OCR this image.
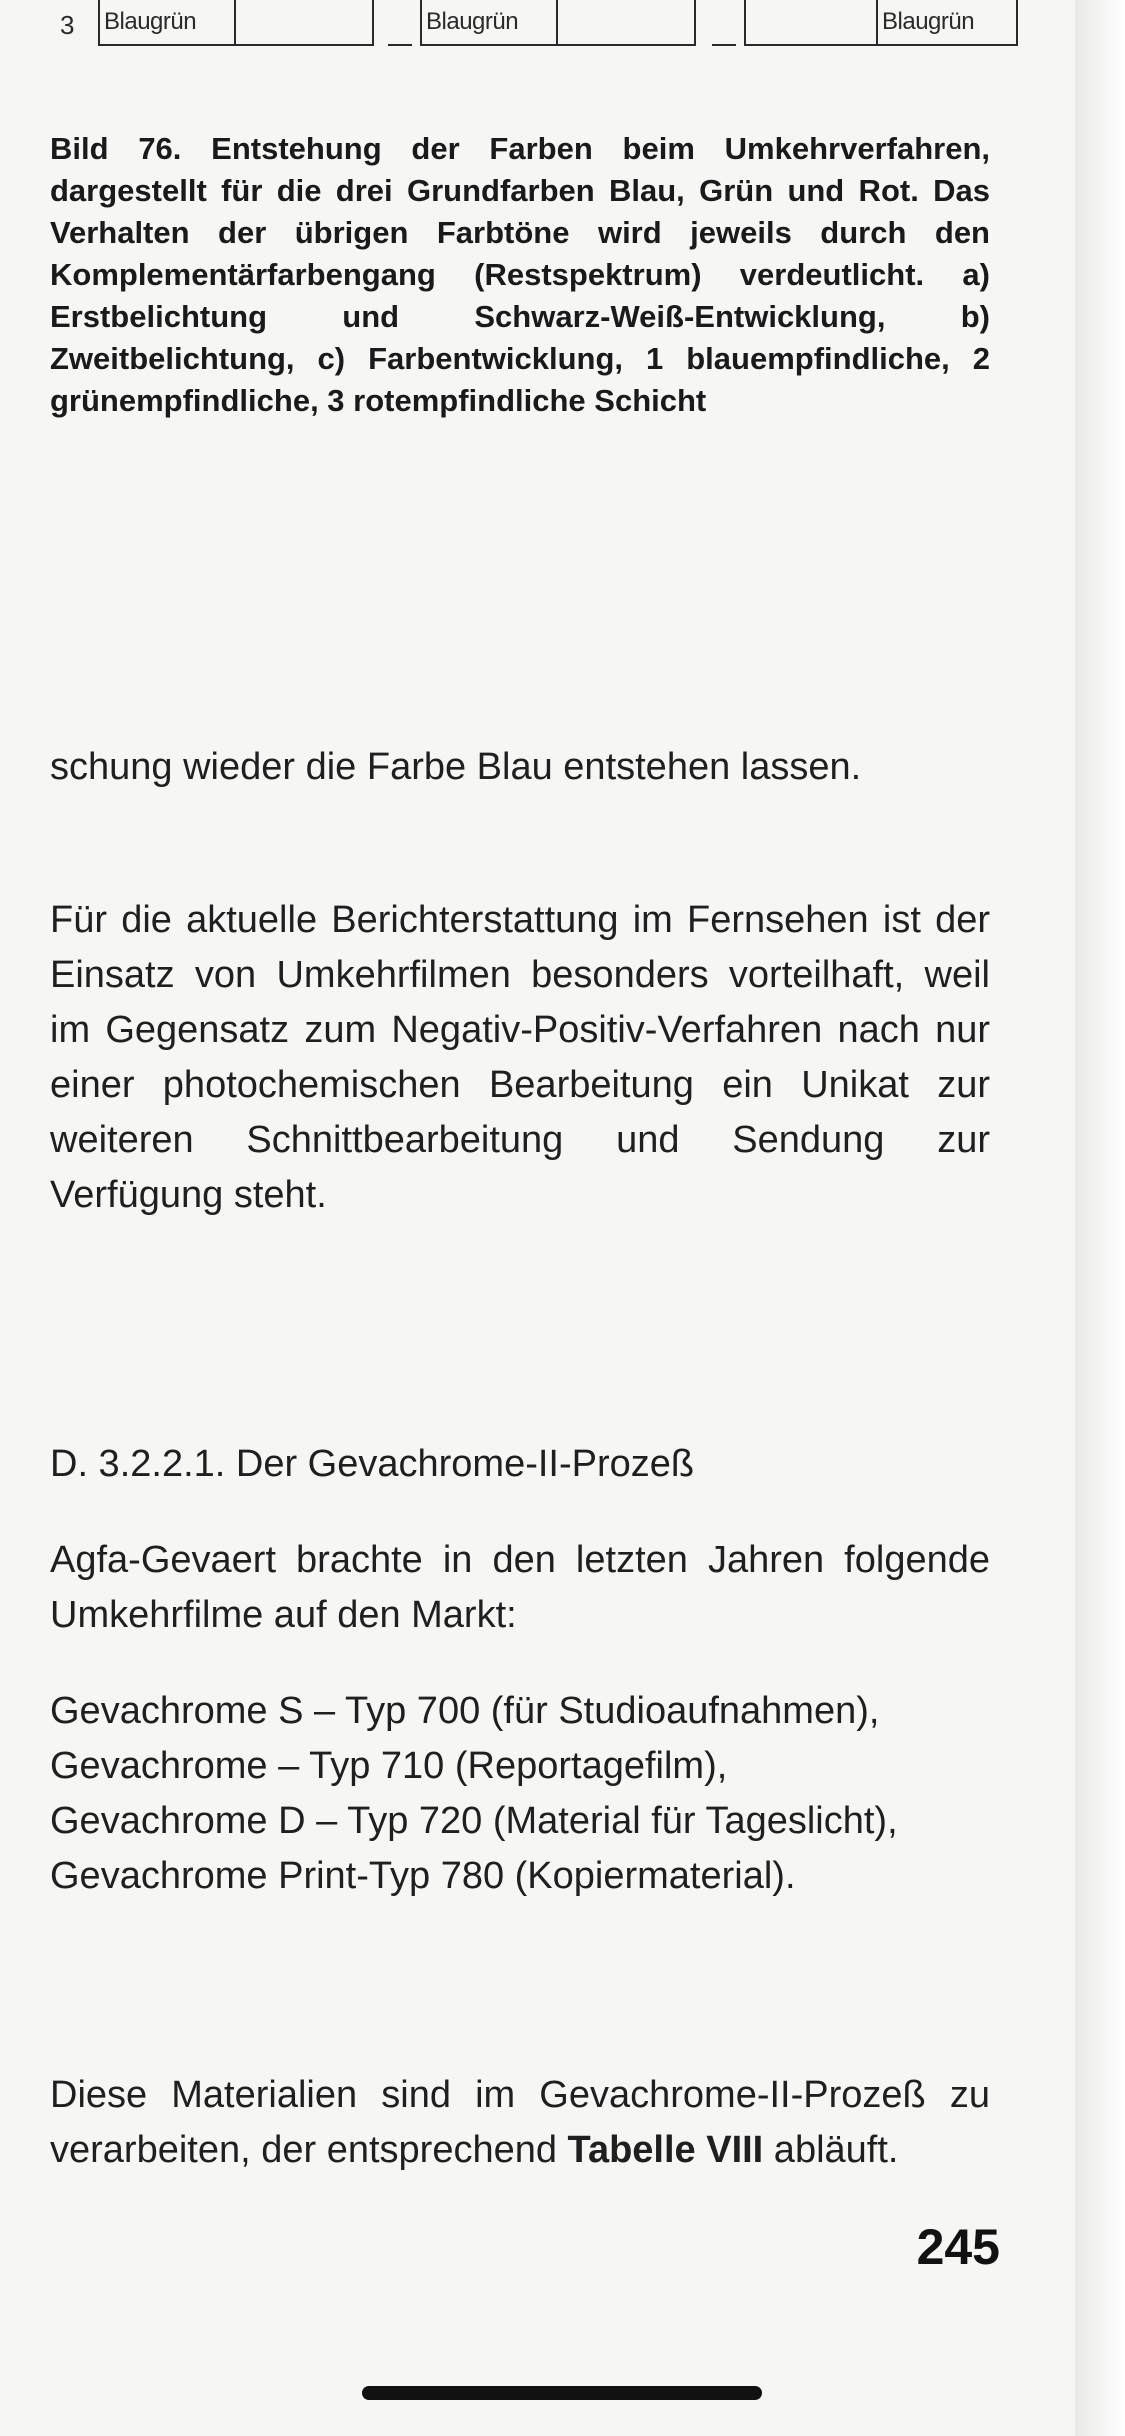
3 Blaugrün	Blaugrün	Blaugrün

Bild 76. Entstehung der Farben beim Umkehrverfahren, dargestellt für die drei Grundfarben Blau, Grün und Rot. Das Verhalten der übrigen Farbtöne wird jeweils durch den Komplementärfarbengang (Restspektrum) verdeutlicht. a) Erstbelichtung und Schwarz-Weiß-Entwicklung, b) Zweitbelichtung, c) Farbentwicklung, 1 blauempfindliche, 2 grünempfindliche, 3 rotempfindliche Schicht

schung wieder die Farbe Blau entstehen lassen.

Für die aktuelle Berichterstattung im Fernsehen ist der Einsatz von Umkehrfilmen besonders vorteilhaft, weil im Gegensatz zum Negativ-Positiv-Verfahren nach nur einer photochemischen Bearbeitung ein Unikat zur weiteren Schnittbearbeitung und Sendung zur Verfügung steht.

D. 3.2.2.1. Der Gevachrome-II-Prozeß

Agfa-Gevaert brachte in den letzten Jahren folgende Umkehrfilme auf den Markt:

Gevachrome S – Typ 700 (für Studioaufnahmen),
Gevachrome – Typ 710 (Reportagefilm),
Gevachrome D – Typ 720 (Material für Tageslicht),
Gevachrome Print-Typ 780 (Kopiermaterial).

Diese Materialien sind im Gevachrome-II-Prozeß zu verarbeiten, der entsprechend Tabelle VIII abläuft.

245
